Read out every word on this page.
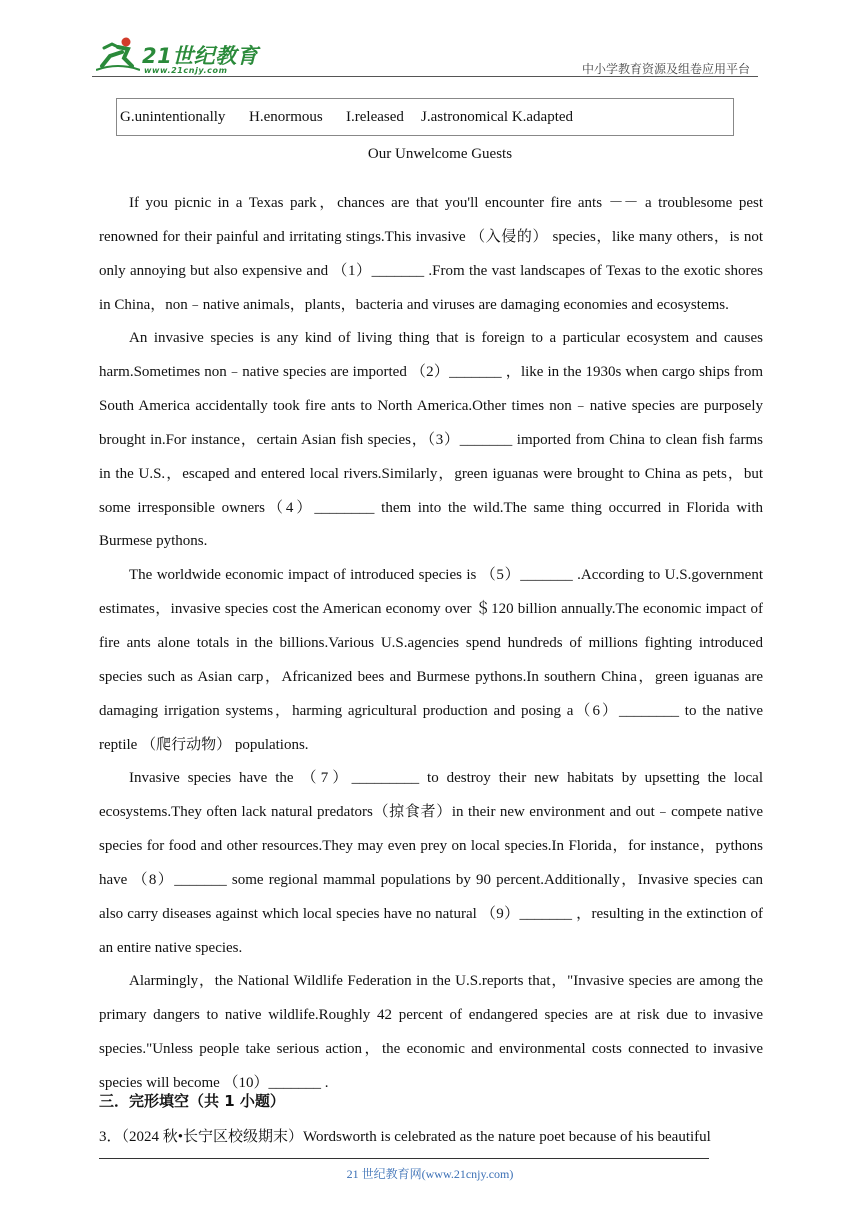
21世纪教育
www.21cnjy.com	中小学教育资源及组卷应用平台
G.unintentionally H.enormous I.released J.astronomical K.adapted
Our Unwelcome Guests

If you picnic in a Texas park，chances are that you'll encounter fire ants －－ a troublesome pest renowned for their painful and irritating stings.This invasive （入侵的） species，like many others，is not only annoying but also expensive and （1）_______ .From the vast landscapes of Texas to the exotic shores in China，non﹣native animals，plants，bacteria and viruses are damaging economies and ecosystems.

An invasive species is any kind of living thing that is foreign to a particular ecosystem and causes harm.Sometimes non﹣native species are imported （2）_______ ，like in the 1930s when cargo ships from South America accidentally took fire ants to North America.Other times non﹣native species are purposely brought in.For instance，certain Asian fish species，（3）_______ imported from China to clean fish farms in the U.S.，escaped and entered local rivers.Similarly，green iguanas were brought to China as pets，but some irresponsible owners（4）________ them into the wild.The same thing occurred in Florida with Burmese pythons.

The worldwide economic impact of introduced species is （5）_______ .According to U.S.government estimates，invasive species cost the American economy over ＄120 billion annually.The economic impact of fire ants alone totals in the billions.Various U.S.agencies spend hundreds of millions fighting introduced species such as Asian carp，Africanized bees and Burmese pythons.In southern China，green iguanas are damaging irrigation systems，harming agricultural production and posing a（6）________ to the native reptile （爬行动物） populations.

Invasive species have the （7）_________ to destroy their new habitats by upsetting the local ecosystems.They often lack natural predators（掠食者）in their new environment and out﹣compete native species for food and other resources.They may even prey on local species.In Florida，for instance，pythons have （8）_______ some regional mammal populations by 90 percent.Additionally，Invasive species can also carry diseases against which local species have no natural （9）_______ ，resulting in the extinction of an entire native species.

Alarmingly，the National Wildlife Federation in the U.S.reports that，"Invasive species are among the primary dangers to native wildlife.Roughly 42 percent of endangered species are at risk due to invasive species."Unless people take serious action，the economic and environmental costs connected to invasive species will become （10）_______ .

三．完形填空（共 1 小题）
3．（2024 秋•长宁区校级期末）Wordsworth is celebrated as the nature poet because of his beautiful
21 世纪教育网(www.21cnjy.com)
